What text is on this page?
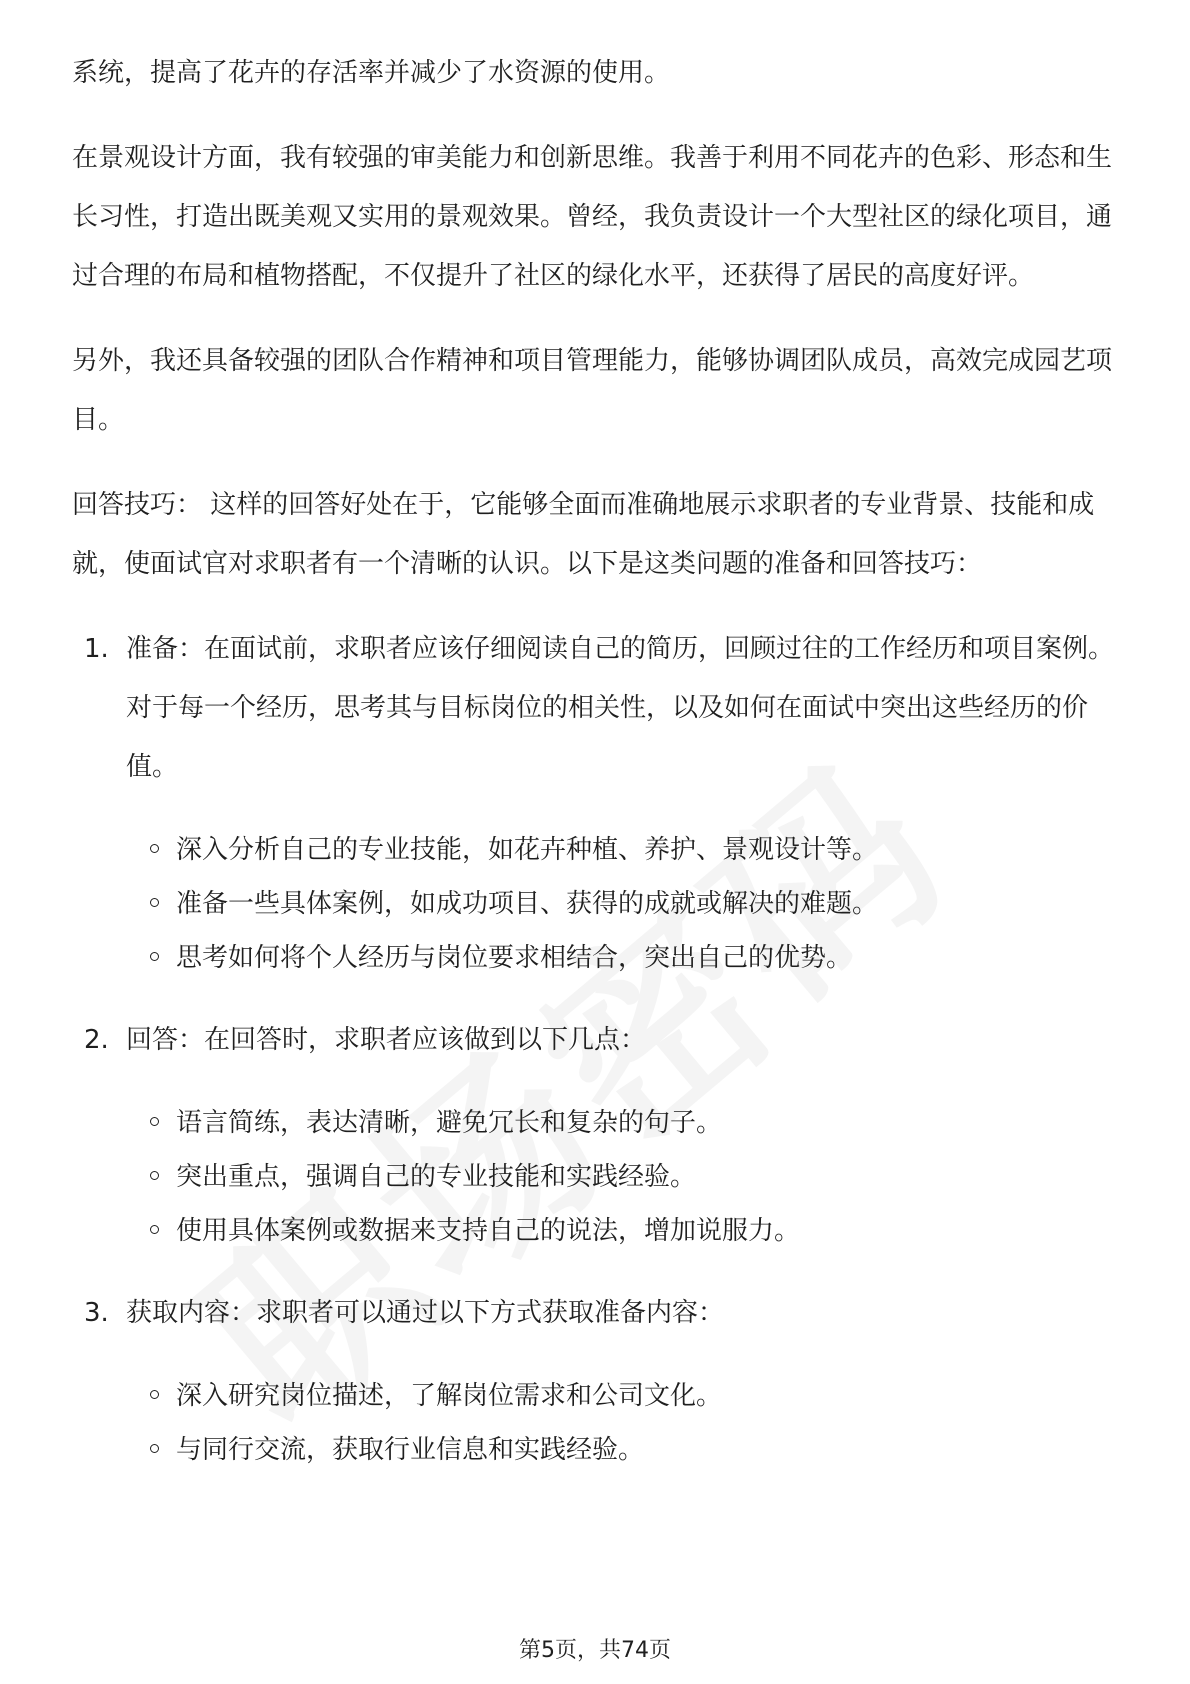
系统，提高了花卉的存活率并减少了水资源的使用。

在景观设计方面，我有较强的审美能力和创新思维。我善于利用不同花卉的色彩、形态和生长习性，打造出既美观又实用的景观效果。曾经，我负责设计一个大型社区的绿化项目，通过合理的布局和植物搭配，不仅提升了社区的绿化水平，还获得了居民的高度好评。

另外，我还具备较强的团队合作精神和项目管理能力，能够协调团队成员，高效完成园艺项目。

回答技巧： 这样的回答好处在于，它能够全面而准确地展示求职者的专业背景、技能和成就，使面试官对求职者有一个清晰的认识。以下是这类问题的准备和回答技巧：

1. 准备：在面试前，求职者应该仔细阅读自己的简历，回顾过往的工作经历和项目案例。对于每一个经历，思考其与目标岗位的相关性，以及如何在面试中突出这些经历的价值。
深入分析自己的专业技能，如花卉种植、养护、景观设计等。
准备一些具体案例，如成功项目、获得的成就或解决的难题。
思考如何将个人经历与岗位要求相结合，突出自己的优势。
2. 回答：在回答时，求职者应该做到以下几点：
语言简练，表达清晰，避免冗长和复杂的句子。
突出重点，强调自己的专业技能和实践经验。
使用具体案例或数据来支持自己的说法，增加说服力。
3. 获取内容：求职者可以通过以下方式获取准备内容：
深入研究岗位描述，了解岗位需求和公司文化。
与同行交流，获取行业信息和实践经验。
第5页，共74页
